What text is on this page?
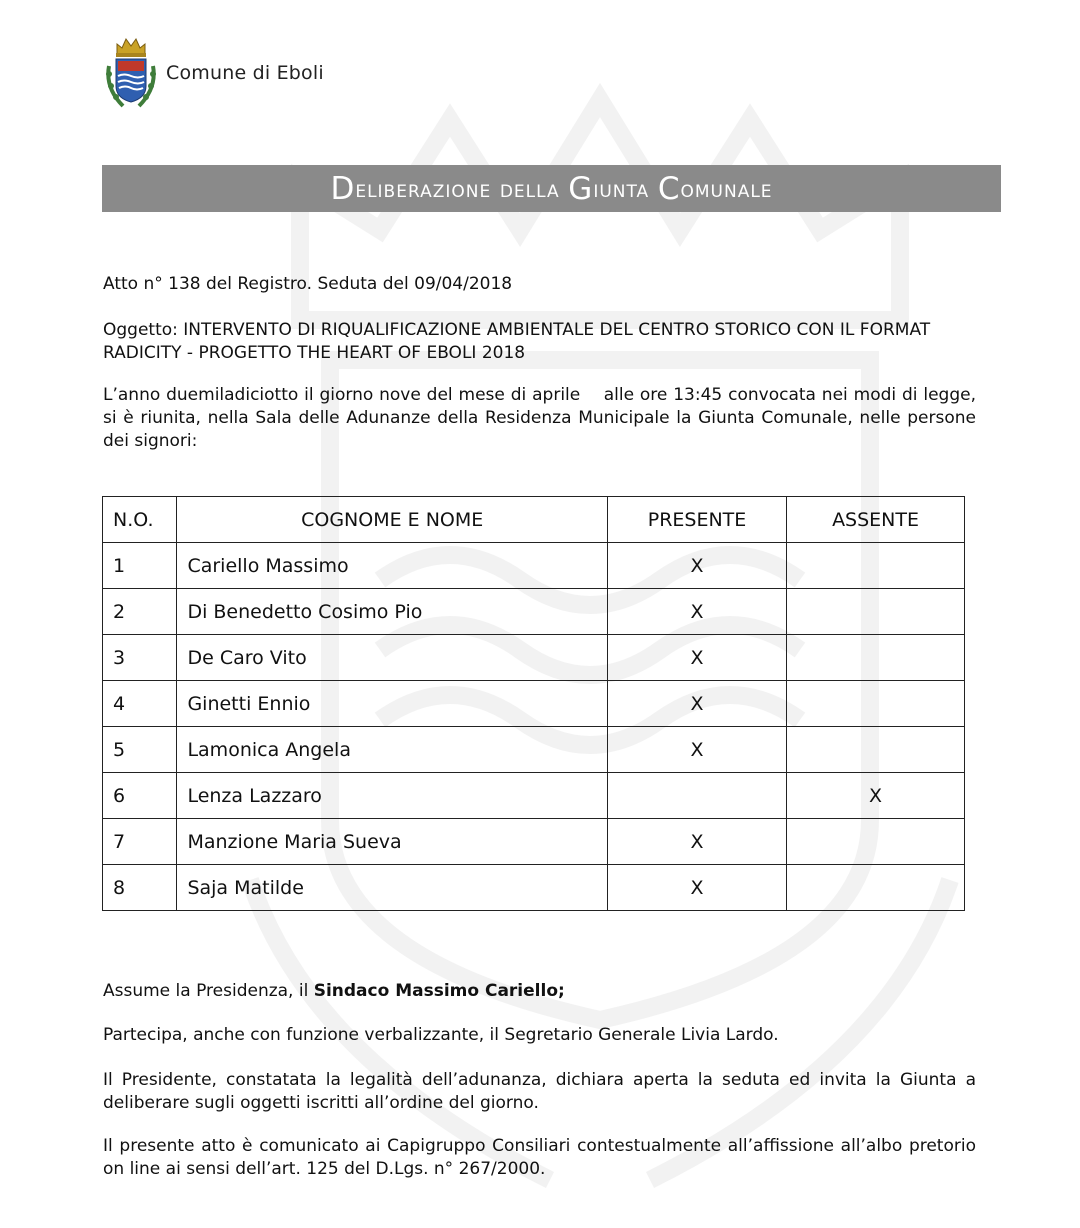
Comune di Eboli
D eliberazione della
G iunta
C omunale
Atto n° 138 del Registro. Seduta del 09/04/2018
Oggetto: INTERVENTO DI RIQUALIFICAZIONE AMBIENTALE DEL CENTRO STORICO CON IL FORMAT RADICITY - PROGETTO THE HEART OF EBOLI 2018
L’anno duemiladiciotto il giorno nove del mese di aprile    alle ore 13:45 convocata nei modi di legge, si è riunita, nella Sala delle Adunanze della Residenza Municipale la Giunta Comunale, nelle persone dei signori:
N.O.	COGNOME E NOME	PRESENTE	ASSENTE
1	Cariello Massimo	X	
2	Di Benedetto Cosimo Pio	X	
3	De Caro Vito	X	
4	Ginetti Ennio	X	
5	Lamonica Angela	X	
6	Lenza Lazzaro		X
7	Manzione Maria Sueva	X	
8	Saja Matilde	X	
Assume la Presidenza, il Sindaco Massimo Cariello;
Partecipa, anche con funzione verbalizzante, il Segretario Generale Livia Lardo.
Il Presidente, constatata la legalità dell’adunanza, dichiara aperta la seduta ed invita la Giunta a deliberare sugli oggetti iscritti all’ordine del giorno.
Il presente atto è comunicato ai Capigruppo Consiliari contestualmente all’affissione all’albo pretorio on line ai sensi dell’art. 125 del D.Lgs. n° 267/2000.
